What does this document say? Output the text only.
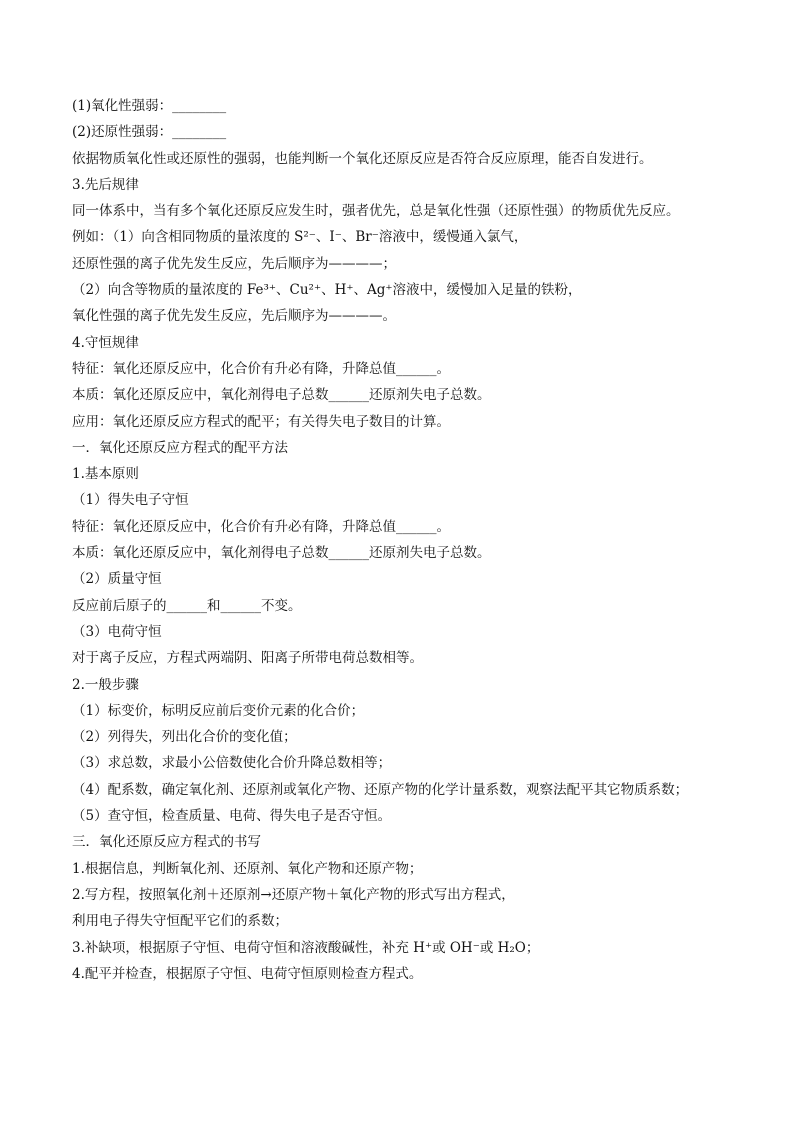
(1)氧化性强弱：________
(2)还原性强弱：________
依据物质氧化性或还原性的强弱，也能判断一个氧化还原反应是否符合反应原理，能否自发进行。
3.先后规律
同一体系中，当有多个氧化还原反应发生时，强者优先，总是氧化性强（还原性强）的物质优先反应。
例如：（1）向含相同物质的量浓度的 S²⁻、I⁻、Br⁻溶液中，缓慢通入氯气，
还原性强的离子优先发生反应，先后顺序为————；
（2）向含等物质的量浓度的 Fe³⁺、Cu²⁺、H⁺、Ag⁺溶液中，缓慢加入足量的铁粉，
氧化性强的离子优先发生反应，先后顺序为————。
4.守恒规律
特征：氧化还原反应中，化合价有升必有降，升降总值______。
本质：氧化还原反应中，氧化剂得电子总数______还原剂失电子总数。
应用：氧化还原反应方程式的配平；有关得失电子数目的计算。
一．氧化还原反应方程式的配平方法
1.基本原则
（1）得失电子守恒
特征：氧化还原反应中，化合价有升必有降，升降总值______。
本质：氧化还原反应中，氧化剂得电子总数______还原剂失电子总数。
（2）质量守恒
反应前后原子的______和______不变。
（3）电荷守恒
对于离子反应，方程式两端阴、阳离子所带电荷总数相等。
2.一般步骤
（1）标变价，标明反应前后变价元素的化合价；
（2）列得失，列出化合价的变化值；
（3）求总数，求最小公倍数使化合价升降总数相等；
（4）配系数，确定氧化剂、还原剂或氧化产物、还原产物的化学计量系数，观察法配平其它物质系数；
（5）查守恒，检查质量、电荷、得失电子是否守恒。
三．氧化还原反应方程式的书写
1.根据信息，判断氧化剂、还原剂、氧化产物和还原产物；
2.写方程，按照氧化剂＋还原剂→还原产物＋氧化产物的形式写出方程式，
利用电子得失守恒配平它们的系数；
3.补缺项，根据原子守恒、电荷守恒和溶液酸碱性，补充 H⁺或 OH⁻或 H₂O；
4.配平并检查，根据原子守恒、电荷守恒原则检查方程式。
